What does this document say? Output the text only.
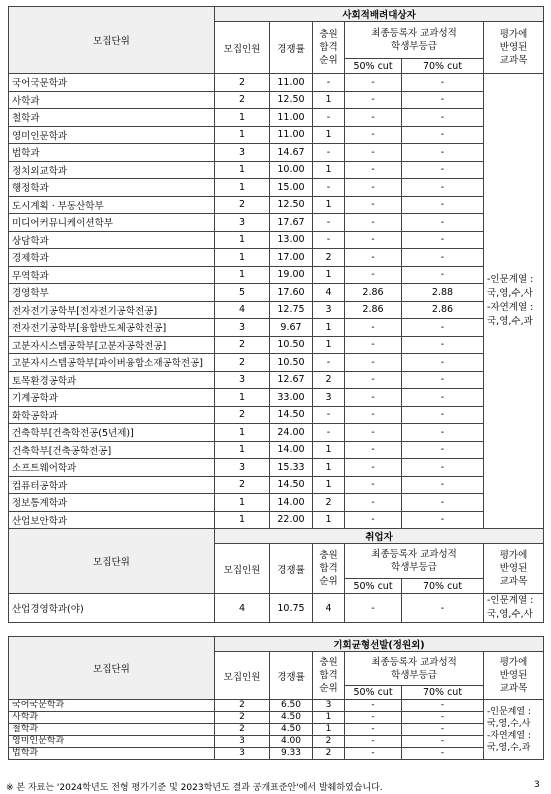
모집단위	사회적배려대상자					
	모집인원	경쟁률	충원
합격
순위	최종등록자 교과성적
학생부등급		평가에
반영된
교과목
				50% cut	70% cut	
국어국문학과	2	11.00	-	-	-	-인문계열 : 국,영,수,사
-자연계열 : 국,영,수,과
사학과	2	12.50	1	-	-	
철학과	1	11.00	-	-	-	
영미인문학과	1	11.00	1	-	-	
법학과	3	14.67	-	-	-	
정치외교학과	1	10.00	1	-	-	
행정학과	1	15.00	-	-	-	
도시계획 · 부동산학부	2	12.50	1	-	-	
미디어커뮤니케이션학부	3	17.67	-	-	-	
상담학과	1	13.00	-	-	-	
경제학과	1	17.00	2	-	-	
무역학과	1	19.00	1	-	-	
경영학부	5	17.60	4	2.86	2.88	
전자전기공학부[전자전기공학전공]	4	12.75	3	2.86	2.86	
전자전기공학부[융합반도체공학전공]	3	9.67	1	-	-	
고분자시스템공학부[고분자공학전공]	2	10.50	1	-	-	
고분자시스템공학부[파이버융합소재공학전공]	2	10.50	-	-	-	
토목환경공학과	3	12.67	2	-	-	
기계공학과	1	33.00	3	-	-	
화학공학과	2	14.50	-	-	-	
건축학부[건축학전공(5년제)]	1	24.00	-	-	-	
건축학부[건축공학전공]	1	14.00	1	-	-	
소프트웨어학과	3	15.33	1	-	-	
컴퓨터공학과	2	14.50	1	-	-	
정보통계학과	1	14.00	2	-	-	
산업보안학과	1	22.00	1	-	-	
모집단위	취업자					
	모집인원	경쟁률	충원
합격
순위	최종등록자 교과성적
학생부등급		평가에
반영된
교과목
				50% cut	70% cut	
산업경영학과(야)	4	10.75	4	-	-	-인문계열 : 국,영,수,사
모집단위	기회균형선발(정원외)					
	모집인원	경쟁률	충원
합격
순위	최종등록자 교과성적
학생부등급		평가에
반영된
교과목
				50% cut	70% cut	
국어국문학과	2	6.50	3	-	-	-인문계열 : 국,영,수,사
-자연계열 : 국,영,수,과
사학과	2	4.50	1	-	-	
철학과	2	4.50	1	-	-	
영미인문학과	3	4.00	2	-	-	
법학과	3	9.33	2	-	-	
※ 본 자료는 '2024학년도 전형 평가기준 및 2023학년도 결과 공개표준안'에서 발췌하였습니다.	3
